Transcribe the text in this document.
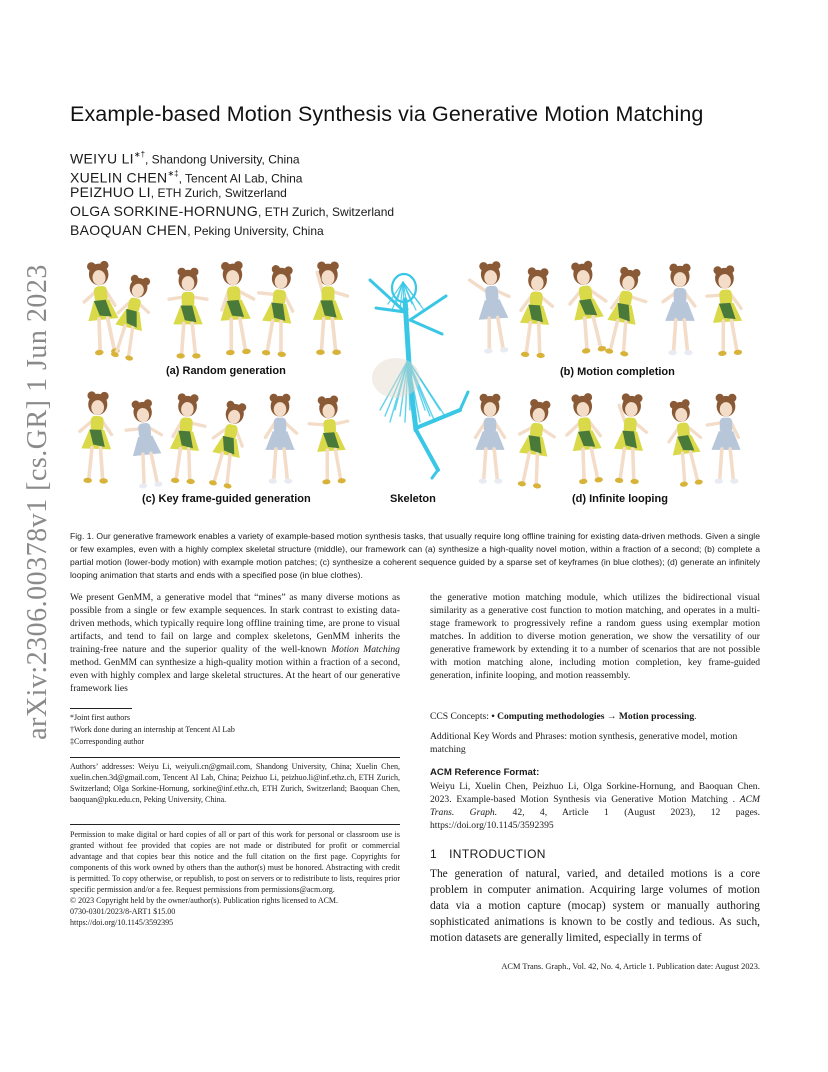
arXiv:2306.00378v1 [cs.GR] 1 Jun 2023
Example-based Motion Synthesis via Generative Motion Matching
WEIYU LI∗†, Shandong University, China
XUELIN CHEN∗‡, Tencent AI Lab, China
PEIZHUO LI, ETH Zurich, Switzerland
OLGA SORKINE-HORNUNG, ETH Zurich, Switzerland
BAOQUAN CHEN, Peking University, China
(a) Random generation	(b) Motion completion
(c) Key frame-guided generation	Skeleton	(d) Infinite looping
Fig. 1. Our generative framework enables a variety of example-based motion synthesis tasks, that usually require long offline training for existing data-driven methods. Given a single or few examples, even with a highly complex skeletal structure (middle), our framework can (a) synthesize a high-quality novel motion, within a fraction of a second; (b) complete a partial motion (lower-body motion) with example motion patches; (c) synthesize a coherent sequence guided by a sparse set of keyframes (in blue clothes); (d) generate an infinitely looping animation that starts and ends with a specified pose (in blue clothes).

We present GenMM, a generative model that “mines” as many diverse motions as possible from a single or few example sequences. In stark contrast to existing data-driven methods, which typically require long offline training time, are prone to visual artifacts, and tend to fail on large and complex skeletons, GenMM inherits the training-free nature and the superior quality of the well-known Motion Matching method. GenMM can synthesize a high-quality motion within a fraction of a second, even with highly complex and large skeletal structures. At the heart of our generative framework lies

*Joint first authors
†Work done during an internship at Tencent AI Lab
‡Corresponding author
Authors’ addresses: Weiyu Li, weiyuli.cn@gmail.com, Shandong University, China; Xuelin Chen, xuelin.chen.3d@gmail.com, Tencent AI Lab, China; Peizhuo Li, peizhuo.li@inf.ethz.ch, ETH Zurich, Switzerland; Olga Sorkine-Hornung, sorkine@inf.ethz.ch, ETH Zurich, Switzerland; Baoquan Chen, baoquan@pku.edu.cn, Peking University, China.
Permission to make digital or hard copies of all or part of this work for personal or classroom use is granted without fee provided that copies are not made or distributed for profit or commercial advantage and that copies bear this notice and the full citation on the first page. Copyrights for components of this work owned by others than the author(s) must be honored. Abstracting with credit is permitted. To copy otherwise, or republish, to post on servers or to redistribute to lists, requires prior specific permission and/or a fee. Request permissions from permissions@acm.org.
© 2023 Copyright held by the owner/author(s). Publication rights licensed to ACM.
0730-0301/2023/8-ART1 $15.00
https://doi.org/10.1145/3592395

the generative motion matching module, which utilizes the bidirectional visual similarity as a generative cost function to motion matching, and operates in a multi-stage framework to progressively refine a random guess using exemplar motion matches. In addition to diverse motion generation, we show the versatility of our generative framework by extending it to a number of scenarios that are not possible with motion matching alone, including motion completion, key frame-guided generation, infinite looping, and motion reassembly.

CCS Concepts: • Computing methodologies → Motion processing.
Additional Key Words and Phrases: motion synthesis, generative model, motion matching
ACM Reference Format:
Weiyu Li, Xuelin Chen, Peizhuo Li, Olga Sorkine-Hornung, and Baoquan Chen. 2023. Example-based Motion Synthesis via Generative Motion Matching . ACM Trans. Graph. 42, 4, Article 1 (August 2023), 12 pages. https://doi.org/10.1145/3592395
1 INTRODUCTION
The generation of natural, varied, and detailed motions is a core problem in computer animation. Acquiring large volumes of motion data via a motion capture (mocap) system or manually authoring sophisticated animations is known to be costly and tedious. As such, motion datasets are generally limited, especially in terms of
ACM Trans. Graph., Vol. 42, No. 4, Article 1. Publication date: August 2023.
